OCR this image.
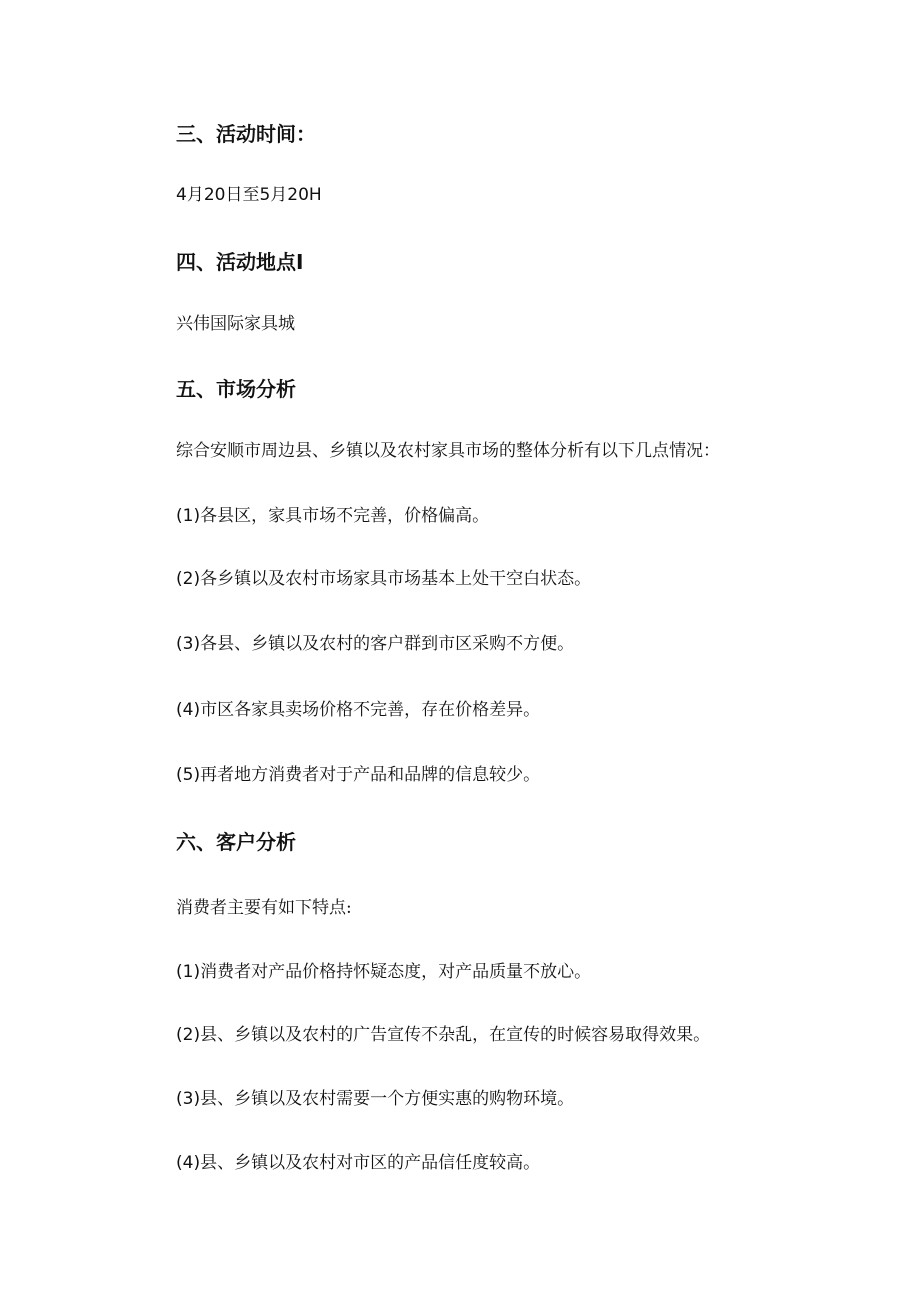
三、活动时间：
4月20日至5月20H
四、活动地点I
兴伟国际家具城
五、市场分析
综合安顺市周边县、乡镇以及农村家具市场的整体分析有以下几点情况：
(1)各县区，家具市场不完善，价格偏高。
(2)各乡镇以及农村市场家具市场基本上处干空白状态。
(3)各县、乡镇以及农村的客户群到市区采购不方便。
(4)市区各家具卖场价格不完善，存在价格差异。
(5)再者地方消费者对于产品和品牌的信息较少。
六、客户分析
消费者主要有如下特点:
(1)消费者对产品价格持怀疑态度，对产品质量不放心。
(2)县、乡镇以及农村的广告宣传不杂乱，在宣传的时候容易取得效果。
(3)县、乡镇以及农村需要一个方便实惠的购物环境。
(4)县、乡镇以及农村对市区的产品信任度较高。
